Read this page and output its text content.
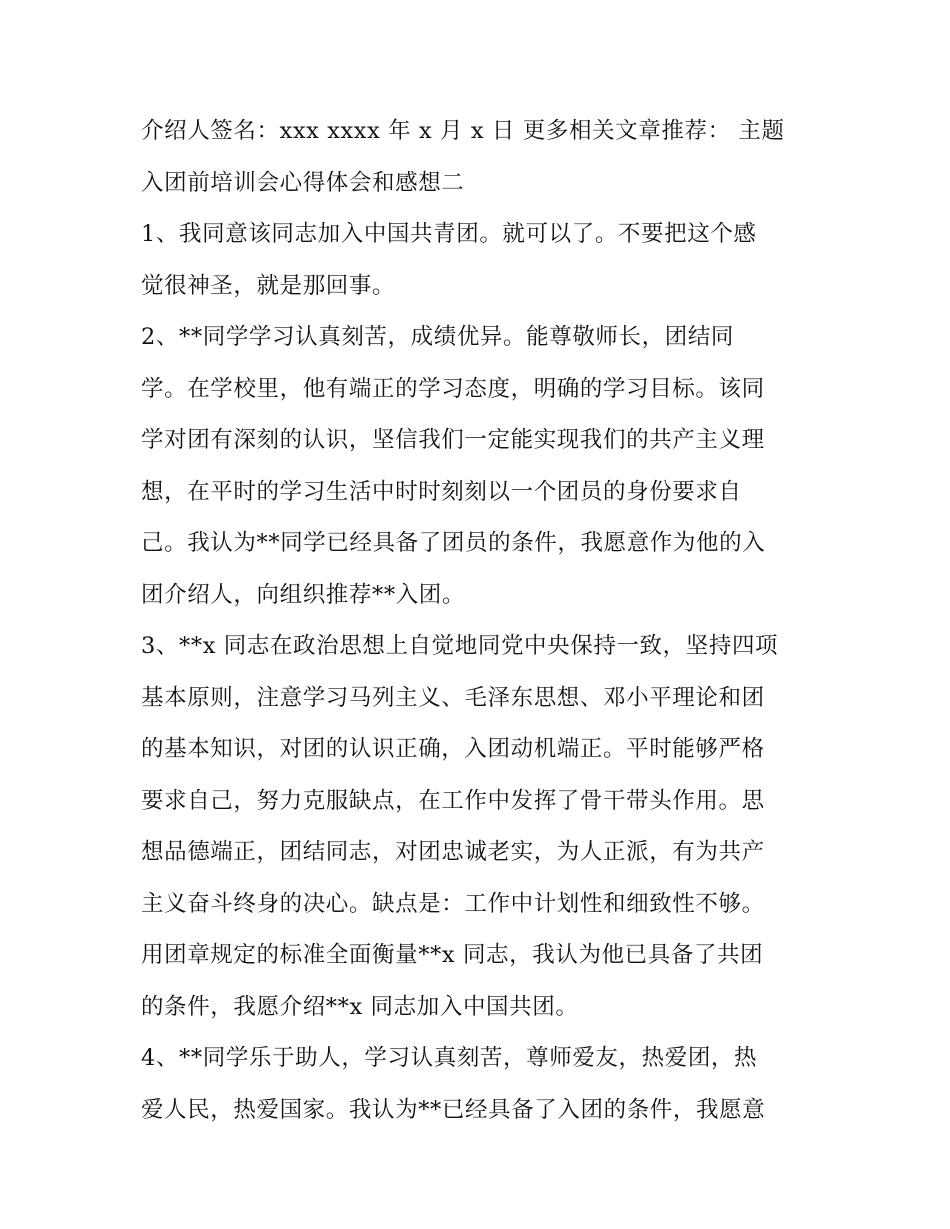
介绍人签名：xxx xxxx 年 x 月 x 日 更多相关文章推荐： 主题
入团前培训会心得体会和感想二
1、我同意该同志加入中国共青团。就可以了。不要把这个感
觉很神圣，就是那回事。
2、**同学学习认真刻苦，成绩优异。能尊敬师长，团结同
学。在学校里，他有端正的学习态度，明确的学习目标。该同
学对团有深刻的认识，坚信我们一定能实现我们的共产主义理
想，在平时的学习生活中时时刻刻以一个团员的身份要求自
己。我认为**同学已经具备了团员的条件，我愿意作为他的入
团介绍人，向组织推荐**入团。
3、**x 同志在政治思想上自觉地同党中央保持一致，坚持四项
基本原则，注意学习马列主义、毛泽东思想、邓小平理论和团
的基本知识，对团的认识正确，入团动机端正。平时能够严格
要求自己，努力克服缺点，在工作中发挥了骨干带头作用。思
想品德端正，团结同志，对团忠诚老实，为人正派，有为共产
主义奋斗终身的决心。缺点是：工作中计划性和细致性不够。
用团章规定的标准全面衡量**x 同志，我认为他已具备了共团
的条件，我愿介绍**x 同志加入中国共团。
4、**同学乐于助人，学习认真刻苦，尊师爱友，热爱团，热
爱人民，热爱国家。我认为**已经具备了入团的条件，我愿意
